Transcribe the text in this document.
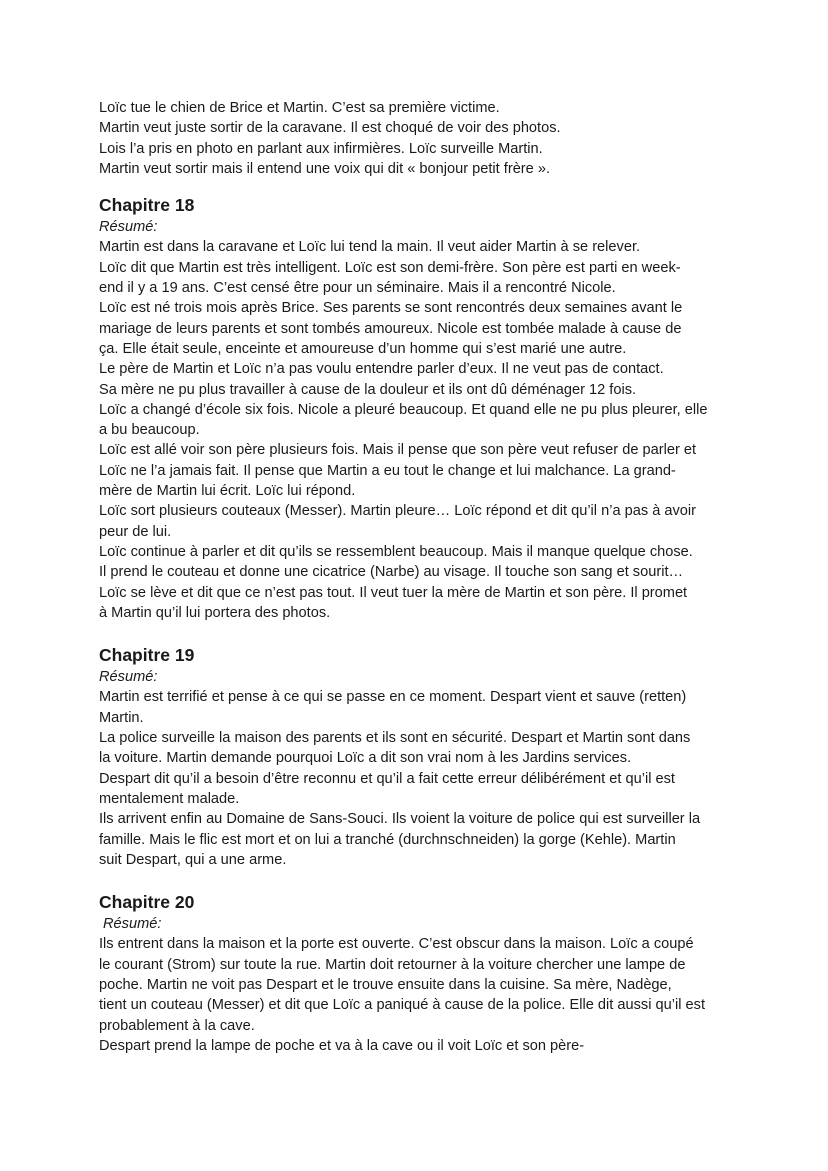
Loïc tue le chien de Brice et Martin. C’est sa première victime.
Martin veut juste sortir de la caravane. Il est choqué de voir des photos.
Lois l’a pris en photo en parlant aux infirmières. Loïc surveille Martin.
Martin veut sortir mais il entend une voix qui dit « bonjour petit frère ».
Chapitre 18
Résumé:
Martin est dans la caravane et Loïc lui tend la main. Il veut aider Martin à se relever.
Loïc dit que Martin est très intelligent. Loïc est son demi-frère. Son père est parti en week-
end il y a 19 ans. C’est censé être pour un séminaire. Mais il a rencontré Nicole.
Loïc est né trois mois après Brice. Ses parents se sont rencontrés deux semaines avant le
mariage de leurs parents et sont tombés amoureux. Nicole est tombée malade à cause de
ça. Elle était seule, enceinte et amoureuse d’un homme qui s’est marié une autre.
Le père de Martin et Loïc n’a pas voulu entendre parler d’eux. Il ne veut pas de contact.
Sa mère ne pu plus travailler à cause de la douleur et ils ont dû déménager 12 fois.
Loïc a changé d’école six fois. Nicole a pleuré beaucoup. Et quand elle ne pu plus pleurer, elle
a bu beaucoup.
Loïc est allé voir son père plusieurs fois. Mais il pense que son père veut refuser de parler et
Loïc ne l’a jamais fait. Il pense que Martin a eu tout le change et lui malchance. La grand-
mère de Martin lui écrit. Loïc lui répond.
Loïc sort plusieurs couteaux (Messer). Martin pleure… Loïc répond et dit qu’il n’a pas à avoir
peur de lui.
Loïc continue à parler et dit qu’ils se ressemblent beaucoup. Mais il manque quelque chose.
Il prend le couteau et donne une cicatrice (Narbe) au visage. Il touche son sang et sourit…
Loïc se lève et dit que ce n’est pas tout. Il veut tuer la mère de Martin et son père. Il promet
à Martin qu’il lui portera des photos.
Chapitre 19
Résumé:
Martin est terrifié et pense à ce qui se passe en ce moment. Despart vient et sauve (retten)
Martin.
La police surveille la maison des parents et ils sont en sécurité. Despart et Martin sont dans
la voiture. Martin demande pourquoi Loïc a dit son vrai nom à les Jardins services.
Despart dit qu’il a besoin d’être reconnu et qu’il a fait cette erreur délibérément et qu’il est
mentalement malade.
Ils arrivent enfin au Domaine de Sans-Souci. Ils voient la voiture de police qui est surveiller la
famille. Mais le flic est mort et on lui a tranché (durchnschneiden) la gorge (Kehle). Martin
suit Despart, qui a une arme.
Chapitre 20
Résumé:
Ils entrent dans la maison et la porte est ouverte. C’est obscur dans la maison. Loïc a coupé
le courant (Strom) sur toute la rue. Martin doit retourner à la voiture chercher une lampe de
poche. Martin ne voit pas Despart et le trouve ensuite dans la cuisine. Sa mère, Nadège,
tient un couteau (Messer) et dit que Loïc a paniqué à cause de la police. Elle dit aussi qu’il est
probablement à la cave.
Despart prend la lampe de poche et va à la cave ou il voit Loïc et son père-
